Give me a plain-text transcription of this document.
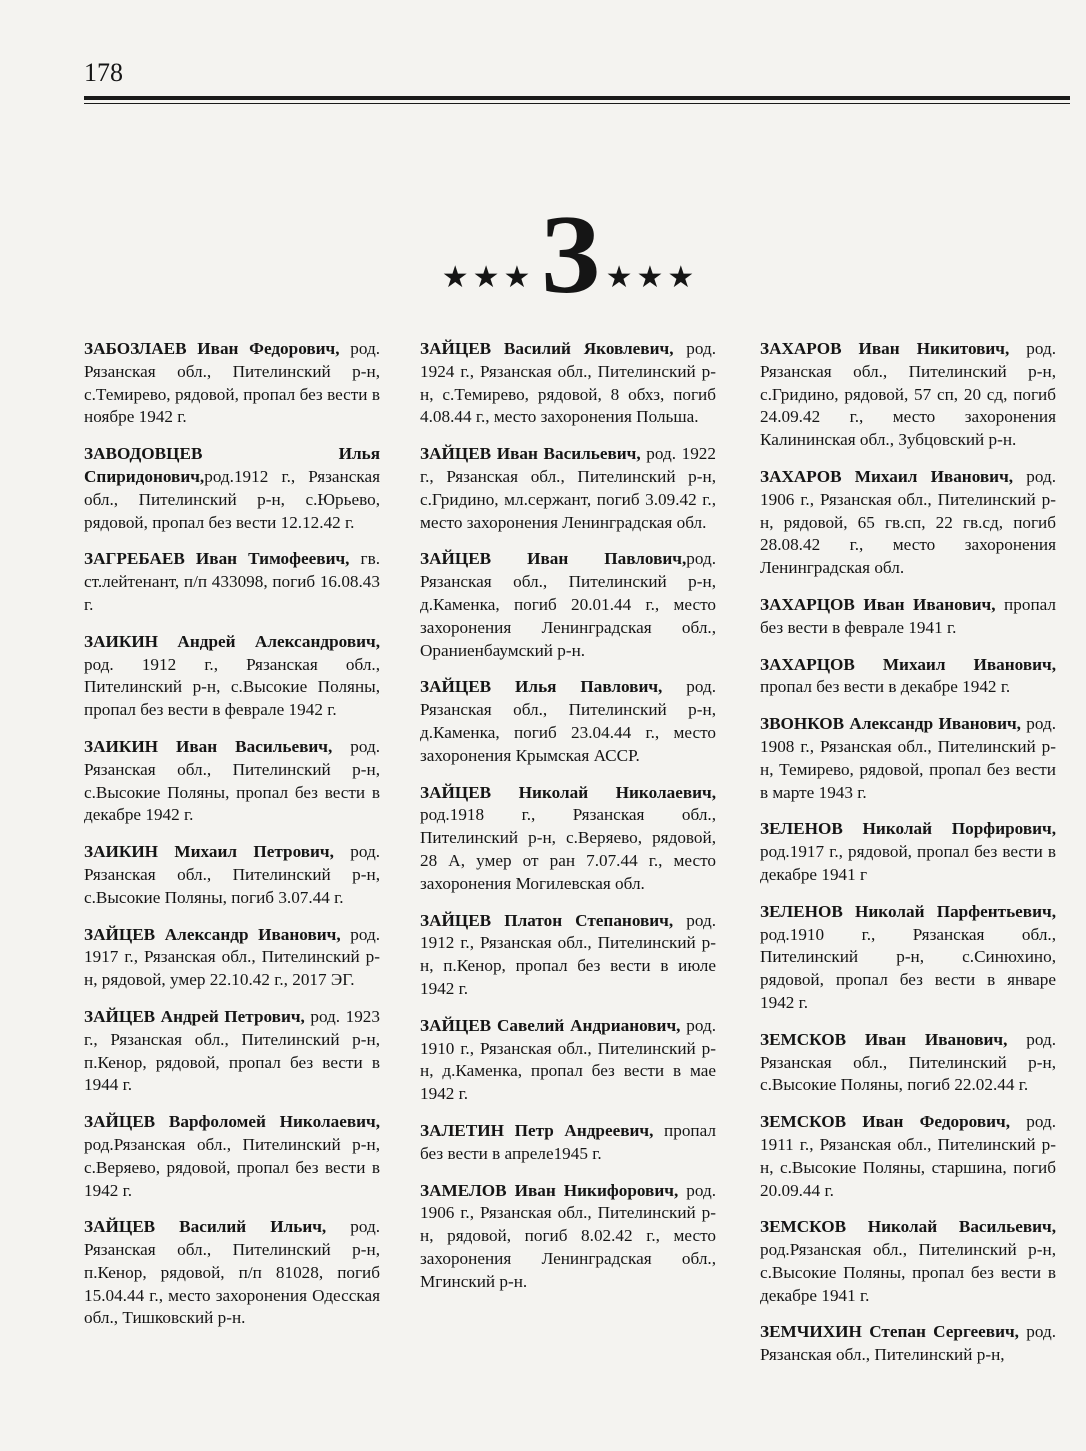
178
★★★ З ★★★

ЗАБОЗЛАЕВ Иван Федорович, род. Рязанская обл., Пителинский р-н, с.Темирево, рядовой, пропал без вести в ноябре 1942 г.

ЗАВОДОВЦЕВ Илья Спиридонович,род.1912 г., Рязанская обл., Пителинский р-н, с.Юрьево, рядовой, пропал без вести 12.12.42 г.

ЗАГРЕБАЕВ Иван Тимофеевич, гв. ст.лейтенант, п/п 433098, погиб 16.08.43 г.

ЗАИКИН Андрей Александрович, род. 1912 г., Рязанская обл., Пителинский р-н, с.Высокие Поляны, пропал без вести в феврале 1942 г.

ЗАИКИН Иван Васильевич, род. Рязанская обл., Пителинский р-н, с.Высокие Поляны, пропал без вести в декабре 1942 г.

ЗАИКИН Михаил Петрович, род. Рязанская обл., Пителинский р-н, с.Высокие Поляны, погиб 3.07.44 г.

ЗАЙЦЕВ Александр Иванович, род. 1917 г., Рязанская обл., Пителинский р-н, рядовой, умер 22.10.42 г., 2017 ЭГ.

ЗАЙЦЕВ Андрей Петрович, род. 1923 г., Рязанская обл., Пителинский р-н, п.Кенор, рядовой, пропал без вести в 1944 г.

ЗАЙЦЕВ Варфоломей Николаевич, род.Рязанская обл., Пителинский р-н, с.Веряево, рядовой, пропал без вести в 1942 г.

ЗАЙЦЕВ Василий Ильич, род. Рязанская обл., Пителинский р-н, п.Кенор, рядовой, п/п 81028, погиб 15.04.44 г., место захоронения Одесская обл., Тишковский р-н.

ЗАЙЦЕВ Василий Яковлевич, род. 1924 г., Рязанская обл., Пителинский р-н, с.Темирево, рядовой, 8 обхз, погиб 4.08.44 г., место захоронения Польша.

ЗАЙЦЕВ Иван Васильевич, род. 1922 г., Рязанская обл., Пителинский р-н, с.Гридино, мл.сержант, погиб 3.09.42 г., место захоронения Ленинградская обл.

ЗАЙЦЕВ Иван Павлович,род. Рязанская обл., Пителинский р-н, д.Каменка, погиб 20.01.44 г., место захоронения Ленинградская обл., Ораниенбаумский р-н.

ЗАЙЦЕВ Илья Павлович, род. Рязанская обл., Пителинский р-н, д.Каменка, погиб 23.04.44 г., место захоронения Крымская АССР.

ЗАЙЦЕВ Николай Николаевич, род.1918 г., Рязанская обл., Пителинский р-н, с.Веряево, рядовой, 28 А, умер от ран 7.07.44 г., место захоронения Могилевская обл.

ЗАЙЦЕВ Платон Степанович, род. 1912 г., Рязанская обл., Пителинский р-н, п.Кенор, пропал без вести в июле 1942 г.

ЗАЙЦЕВ Савелий Андрианович, род. 1910 г., Рязанская обл., Пителинский р-н, д.Каменка, пропал без вести в мае 1942 г.

ЗАЛЕТИН Петр Андреевич, пропал без вести в апреле1945 г.

ЗАМЕЛОВ Иван Никифорович, род. 1906 г., Рязанская обл., Пителинский р-н, рядовой, погиб 8.02.42 г., место захоронения Ленинградская обл., Мгинский р-н.

ЗАХАРОВ Иван Никитович, род. Рязанская обл., Пителинский р-н, с.Гридино, рядовой, 57 сп, 20 сд, погиб 24.09.42 г., место захоронения Калининская обл., Зубцовский р-н.

ЗАХАРОВ Михаил Иванович, род. 1906 г., Рязанская обл., Пителинский р-н, рядовой, 65 гв.сп, 22 гв.сд, погиб 28.08.42 г., место захоронения Ленинградская обл.

ЗАХАРЦОВ Иван Иванович, пропал без вести в феврале 1941 г.

ЗАХАРЦОВ Михаил Иванович, пропал без вести в декабре 1942 г.

ЗВОНКОВ Александр Иванович, род. 1908 г., Рязанская обл., Пителинский р-н, Темирево, рядовой, пропал без вести в марте 1943 г.

ЗЕЛЕНОВ Николай Порфирович, род.1917 г., рядовой, пропал без вести в декабре 1941 г

ЗЕЛЕНОВ Николай Парфентьевич, род.1910 г., Рязанская обл., Пителинский р-н, с.Синюхино, рядовой, пропал без вести в январе 1942 г.

ЗЕМСКОВ Иван Иванович, род. Рязанская обл., Пителинский р-н, с.Высокие Поляны, погиб 22.02.44 г.

ЗЕМСКОВ Иван Федорович, род. 1911 г., Рязанская обл., Пителинский р-н, с.Высокие Поляны, старшина, погиб 20.09.44 г.

ЗЕМСКОВ Николай Васильевич, род.Рязанская обл., Пителинский р-н, с.Высокие Поляны, пропал без вести в декабре 1941 г.

ЗЕМЧИХИН Степан Сергеевич, род. Рязанская обл., Пителинский р-н,
